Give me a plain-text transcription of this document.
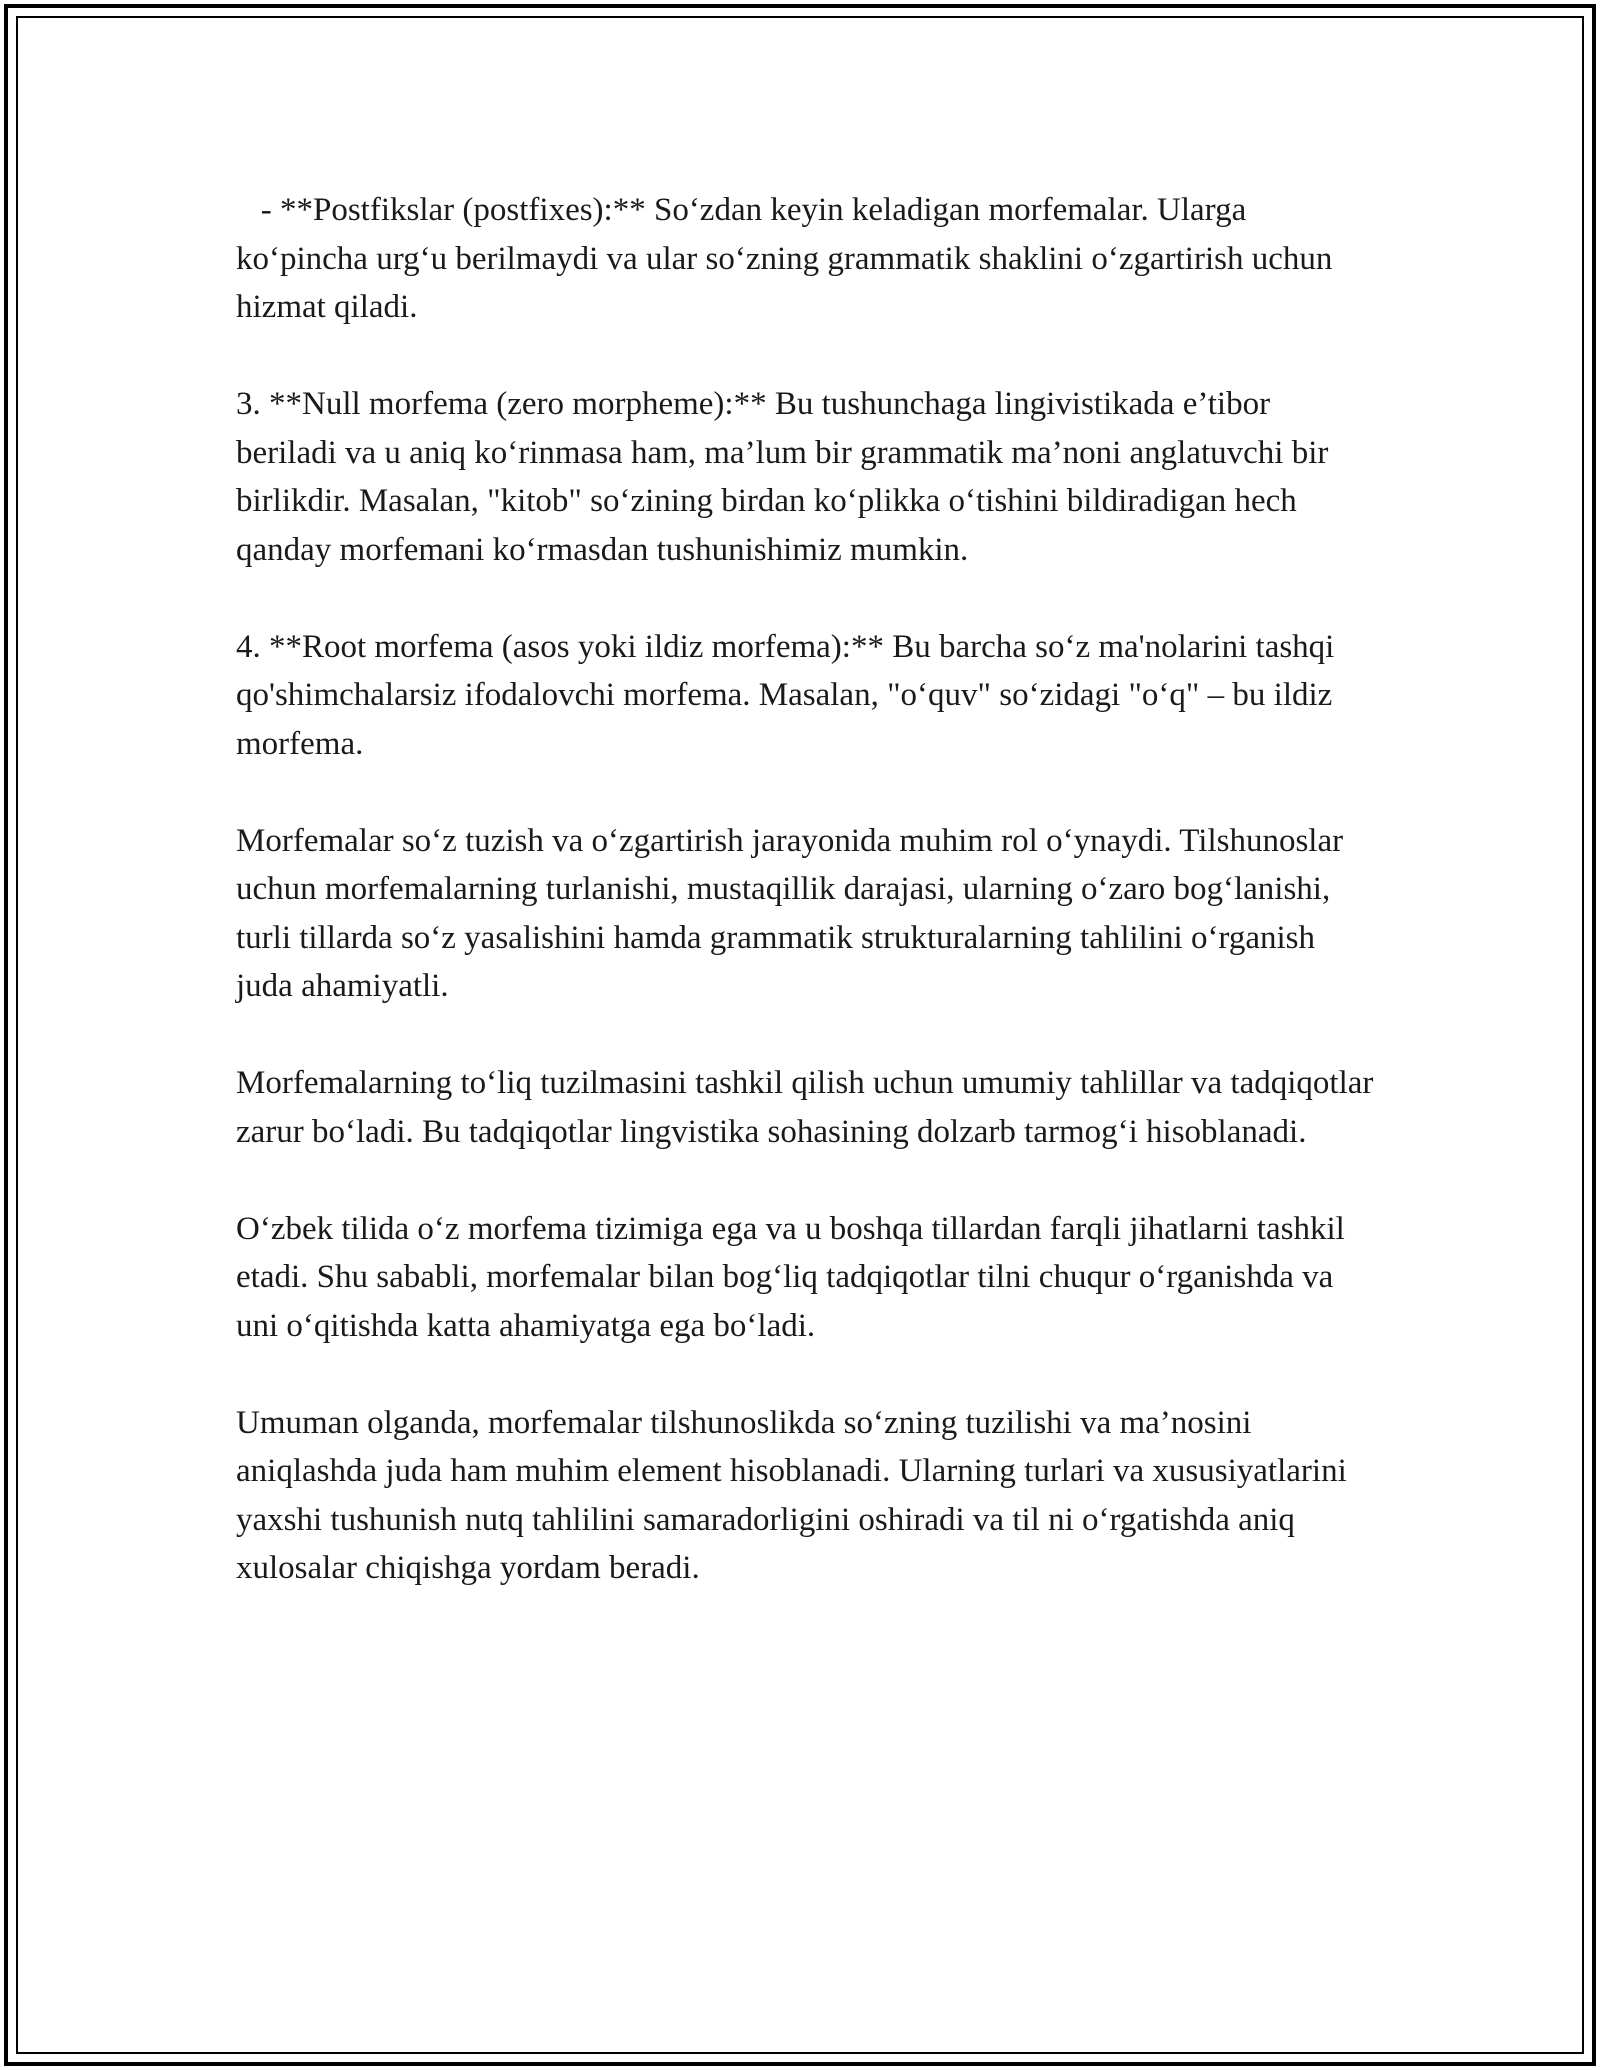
- **Postfikslar (postfixes):** So‘zdan keyin keladigan morfemalar. Ularga ko‘pincha urg‘u berilmaydi va ular so‘zning grammatik shaklini o‘zgartirish uchun hizmat qiladi.

3. **Null morfema (zero morpheme):** Bu tushunchaga lingivistikada e’tibor beriladi va u aniq ko‘rinmasa ham, ma’lum bir grammatik ma’noni anglatuvchi bir birlikdir. Masalan, "kitob" so‘zining birdan ko‘plikka o‘tishini bildiradigan hech qanday morfemani ko‘rmasdan tushunishimiz mumkin.

4. **Root morfema (asos yoki ildiz morfema):** Bu barcha so‘z ma'nolarini tashqi qo'shimchalarsiz ifodalovchi morfema. Masalan, "o‘quv" so‘zidagi "o‘q" – bu ildiz morfema.

Morfemalar so‘z tuzish va o‘zgartirish jarayonida muhim rol o‘ynaydi. Tilshunoslar uchun morfemalarning turlanishi, mustaqillik darajasi, ularning o‘zaro bog‘lanishi, turli tillarda so‘z yasalishini hamda grammatik strukturalarning tahlilini o‘rganish juda ahamiyatli.

Morfemalarning to‘liq tuzilmasini tashkil qilish uchun umumiy tahlillar va tadqiqotlar zarur bo‘ladi. Bu tadqiqotlar lingvistika sohasining dolzarb tarmog‘i hisoblanadi.

O‘zbek tilida o‘z morfema tizimiga ega va u boshqa tillardan farqli jihatlarni tashkil etadi. Shu sababli, morfemalar bilan bog‘liq tadqiqotlar tilni chuqur o‘rganishda va uni o‘qitishda katta ahamiyatga ega bo‘ladi.

Umuman olganda, morfemalar tilshunoslikda so‘zning tuzilishi va ma’nosini aniqlashda juda ham muhim element hisoblanadi. Ularning turlari va xususiyatlarini yaxshi tushunish nutq tahlilini samaradorligini oshiradi va til ni o‘rgatishda aniq xulosalar chiqishga yordam beradi.
